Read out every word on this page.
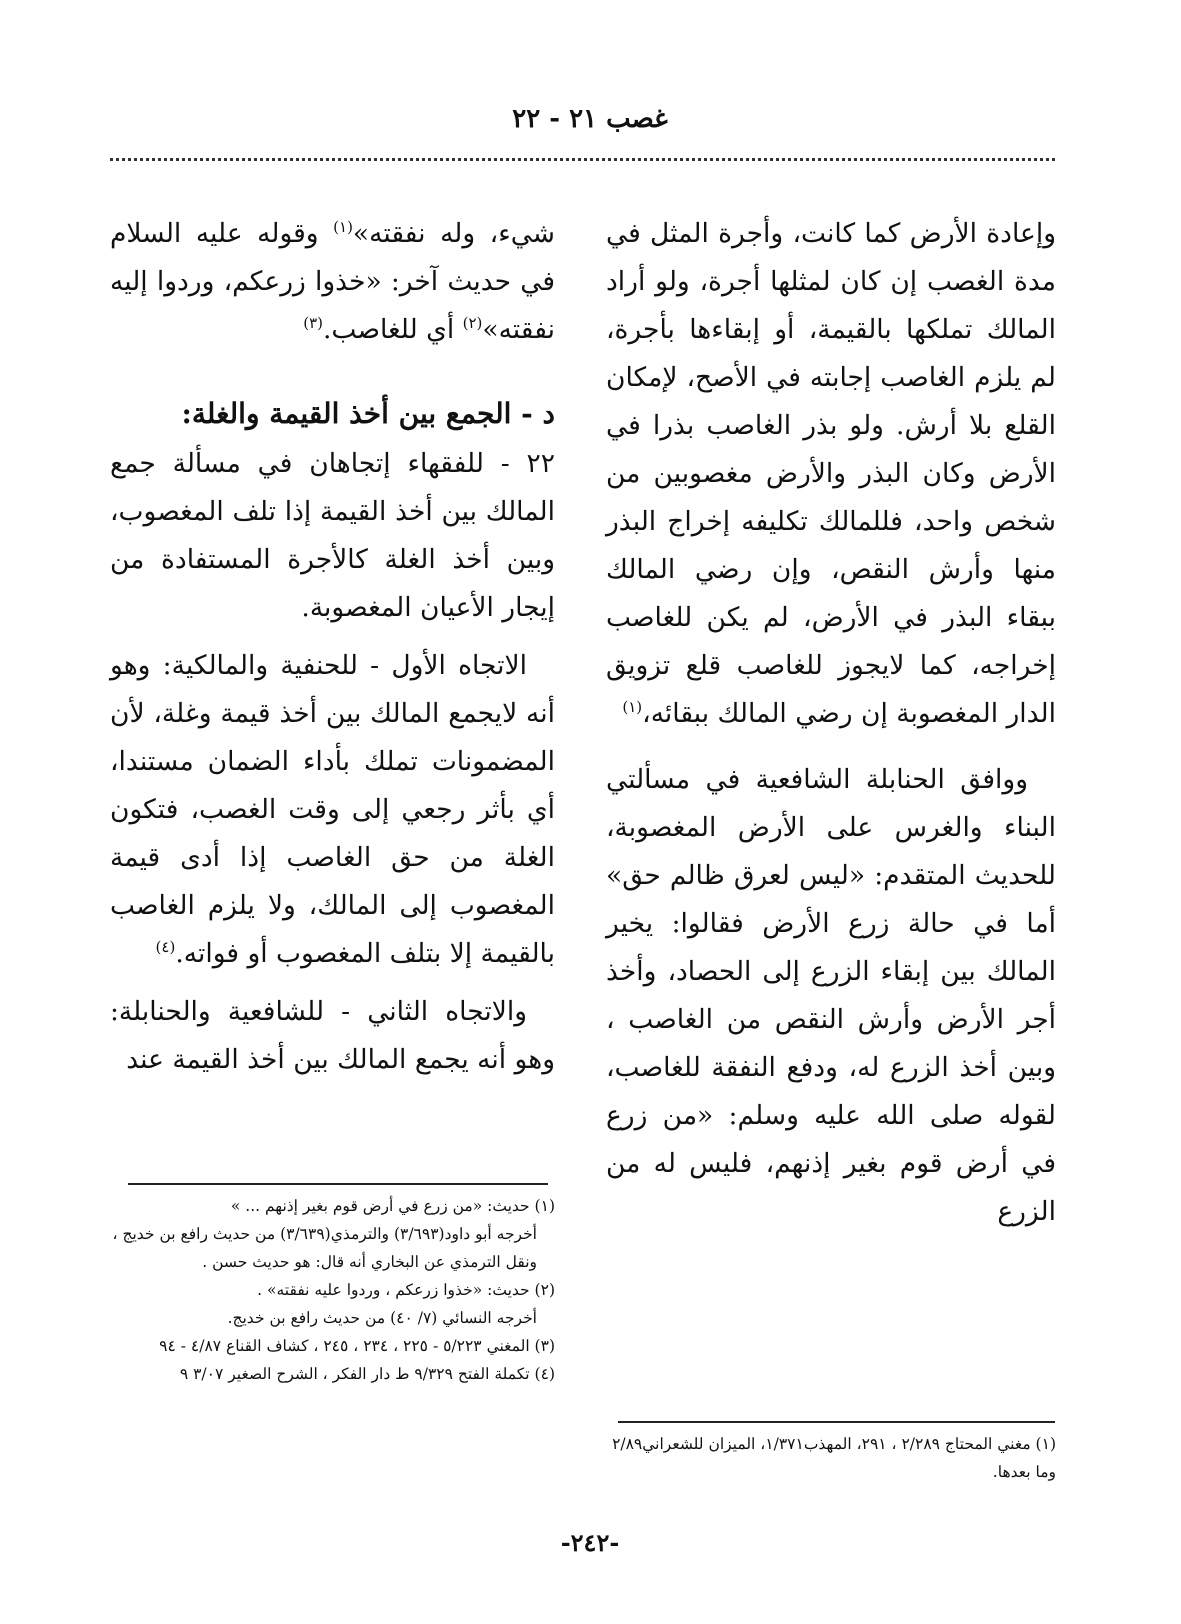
غصب ٢١ - ٢٢

وإعادة الأرض كما كانت، وأجرة المثل في مدة الغصب إن كان لمثلها أجرة، ولو أراد المالك تملكها بالقيمة، أو إبقاءها بأجرة، لم يلزم الغاصب إجابته في الأصح، لإمكان القلع بلا أرش. ولو بذر الغاصب بذرا في الأرض وكان البذر والأرض مغصوبين من شخص واحد، فللمالك تكليفه إخراج البذر منها وأرش النقص، وإن رضي المالك ببقاء البذر في الأرض، لم يكن للغاصب إخراجه، كما لايجوز للغاصب قلع تزويق الدار المغصوبة إن رضي المالك ببقائه،$^{(١)}$

ووافق الحنابلة الشافعية في مسألتي البناء والغرس على الأرض المغصوبة، للحديث المتقدم: «ليس لعرق ظالم حق» أما في حالة زرع الأرض فقالوا: يخير المالك بين إبقاء الزرع إلى الحصاد، وأخذ أجر الأرض وأرش النقص من الغاصب ، وبين أخذ الزرع له، ودفع النفقة للغاصب، لقوله صلى الله عليه وسلم: «من زرع في أرض قوم بغير إذنهم، فليس له من الزرع

شيء، وله نفقته»$^{(١)}$ وقوله عليه السلام في حديث آخر: «خذوا زرعكم، وردوا إليه نفقته»$^{(٢)}$ أي للغاصب.$^{(٣)}$

د - الجمع بين أخذ القيمة والغلة:

٢٢ - للفقهاء إتجاهان في مسألة جمع المالك بين أخذ القيمة إذا تلف المغصوب، وبين أخذ الغلة كالأجرة المستفادة من إيجار الأعيان المغصوبة.

الاتجاه الأول - للحنفية والمالكية: وهو أنه لايجمع المالك بين أخذ قيمة وغلة، لأن المضمونات تملك بأداء الضمان مستندا، أي بأثر رجعي إلى وقت الغصب، فتكون الغلة من حق الغاصب إذا أدى قيمة المغصوب إلى المالك، ولا يلزم الغاصب بالقيمة إلا بتلف المغصوب أو فواته.$^{(٤)}$

والاتجاه الثاني - للشافعية والحنابلة: وهو أنه يجمع المالك بين أخذ القيمة عند

(١) حديث: «من زرع في أرض قوم بغير إذنهم ... »

أخرجه أبو داود(٣/٦٩٣) والترمذي(٣/٦٣٩) من حديث رافع بن خديج ، ونقل الترمذي عن البخاري أنه قال: هو حديث حسن .

(٢) حديث: «خذوا زرعكم ، وردوا عليه نفقته» .

أخرجه النسائي (٧/ ٤٠) من حديث رافع بن خديج.

(٣) المغني ٥/٢٢٣ - ٢٢٥ ، ٢٣٤ ، ٢٤٥ ، كشاف القناع ٤/٨٧ - ٩٤

(٤) تكملة الفتح ٩/٣٢٩ ط دار الفكر ، الشرح الصغير ٣/٠٧ ٩

(١) مغني المحتاج ٢/٢٨٩ ، ٢٩١، المهذب١/٣٧١، الميزان للشعراني٢/٨٩ وما بعدها.

-٢٤٢-
